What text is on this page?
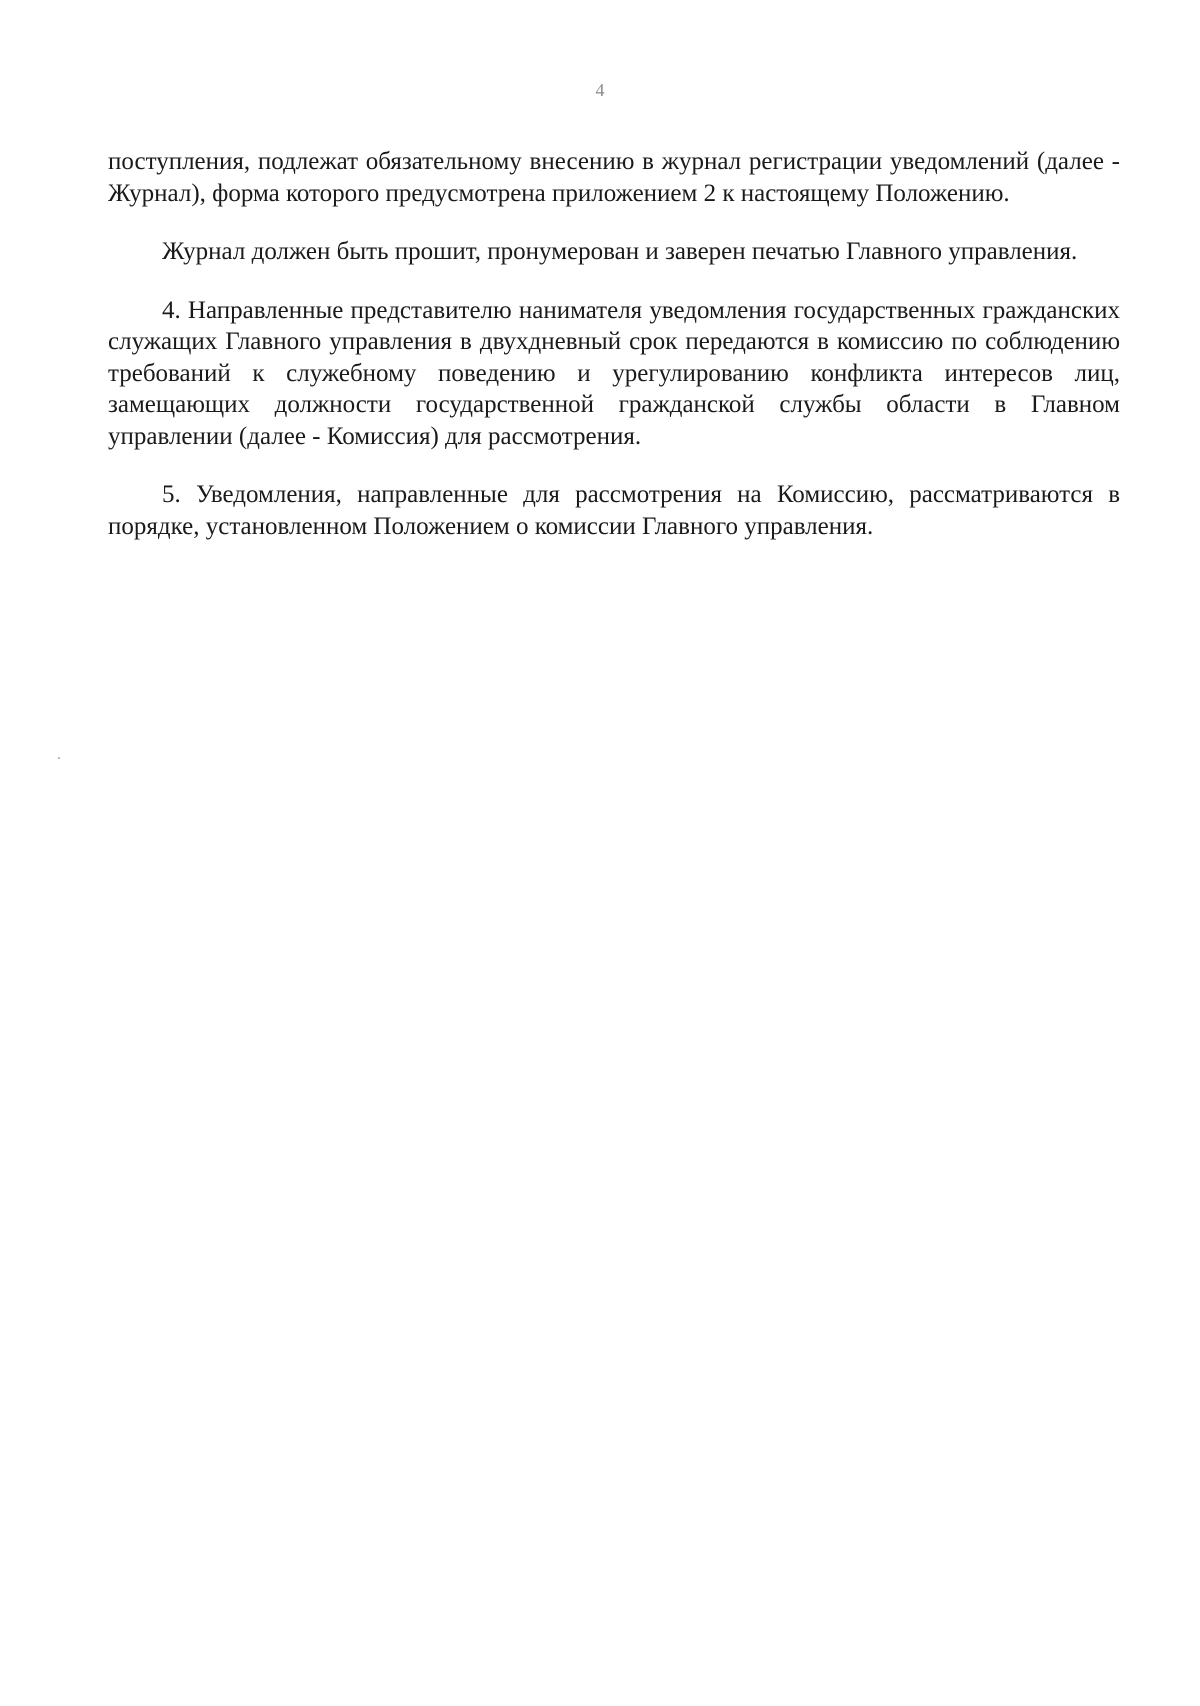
4

поступления, подлежат обязательному внесению в журнал регистрации уведомлений (далее - Журнал), форма которого предусмотрена приложением 2 к настоящему Положению.

Журнал должен быть прошит, пронумерован и заверен печатью Главного управления.

4. Направленные представителю нанимателя уведомления государственных гражданских служащих Главного управления в двухдневный срок передаются в комиссию по соблюдению требований к служебному поведению и урегулированию конфликта интересов лиц, замещающих должности государственной гражданской службы области в Главном управлении (далее - Комиссия) для рассмотрения.

5. Уведомления, направленные для рассмотрения на Комиссию, рассматриваются в порядке, установленном Положением о комиссии Главного управления.
